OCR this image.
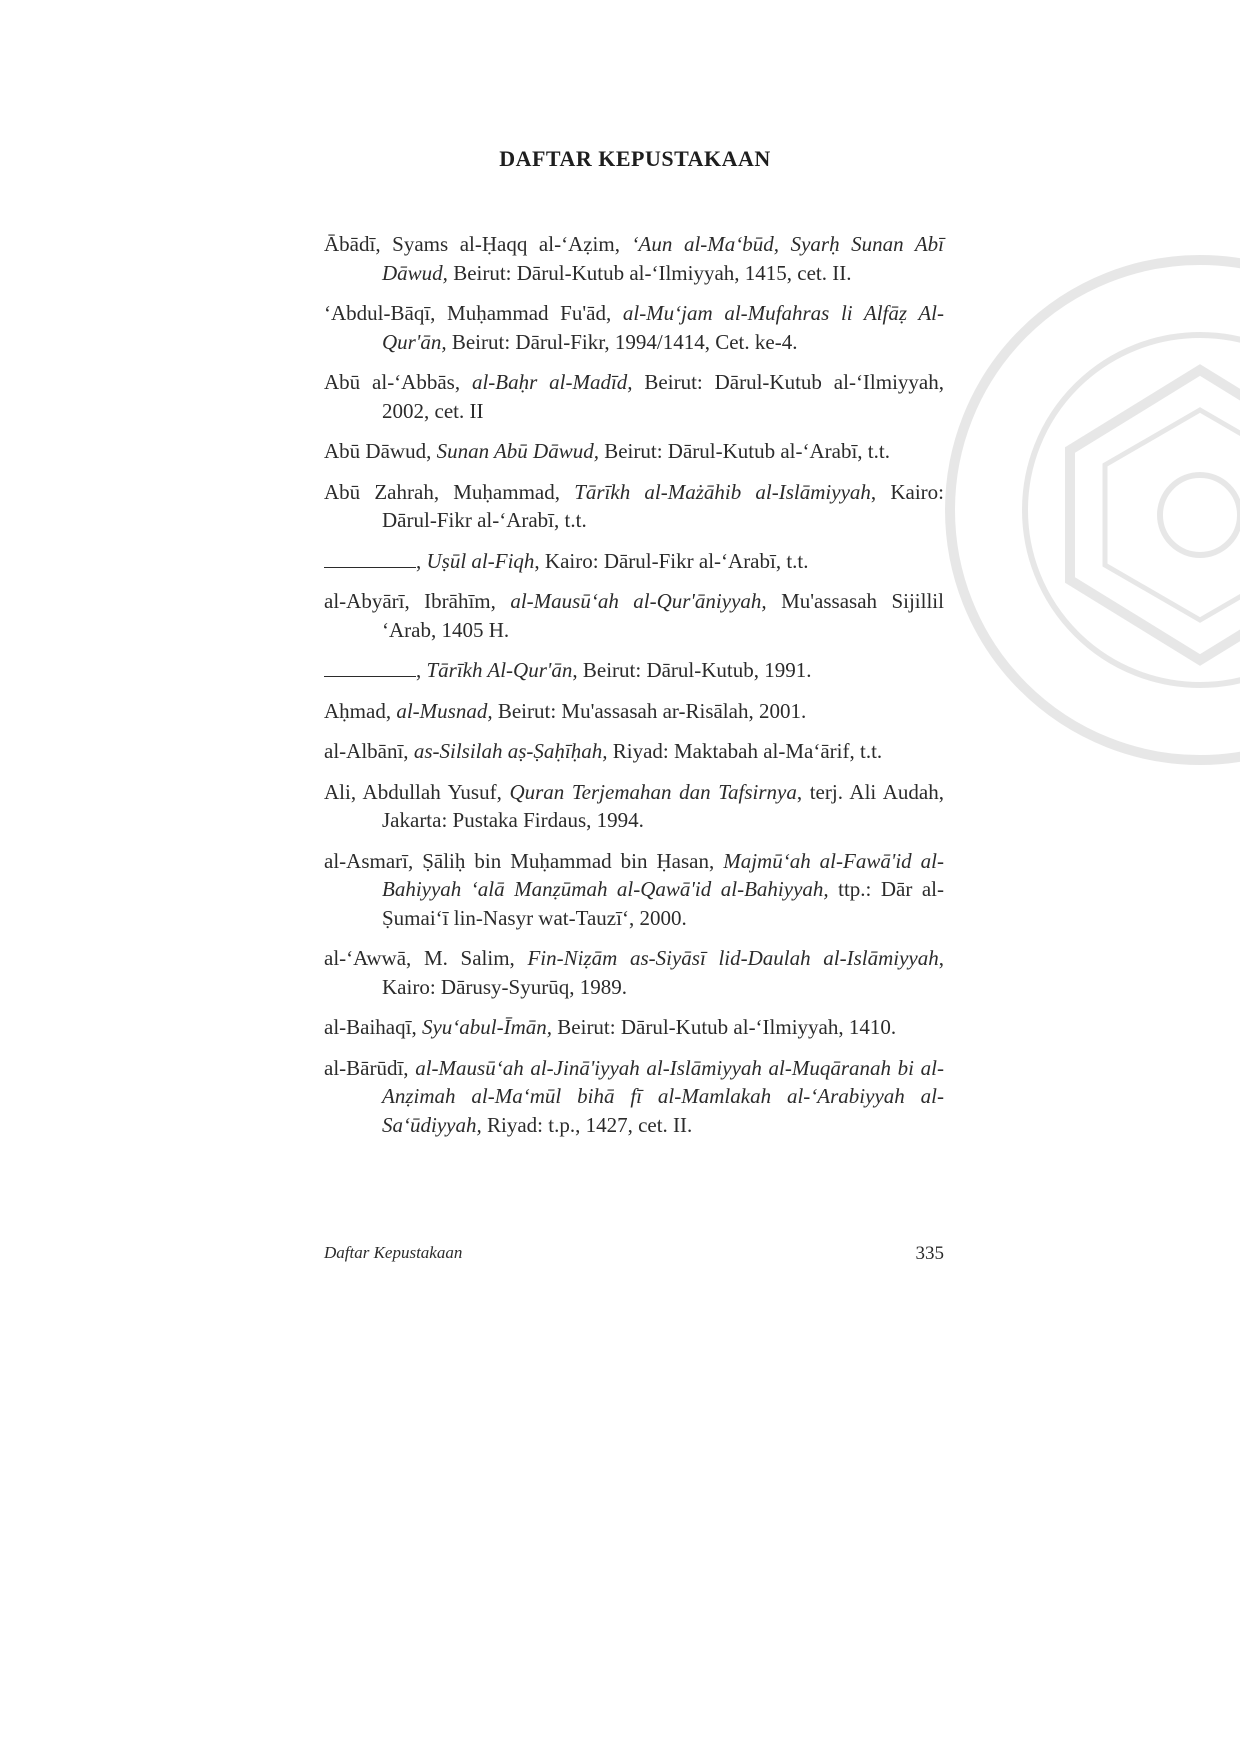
DAFTAR KEPUSTAKAAN
Ābādī, Syams al-Ḥaqq al-‘Aẓim, ‘Aun al-Ma‘būd, Syarḥ Sunan Abī Dāwud, Beirut: Dārul-Kutub al-‘Ilmiyyah, 1415, cet. II.
‘Abdul-Bāqī, Muḥammad Fu'ād, al-Mu‘jam al-Mufahras li Alfāẓ Al-Qur'ān, Beirut: Dārul-Fikr, 1994/1414, Cet. ke-4.
Abū al-‘Abbās, al-Baḥr al-Madīd, Beirut: Dārul-Kutub al-‘Ilmiyyah, 2002, cet. II
Abū Dāwud, Sunan Abū Dāwud, Beirut: Dārul-Kutub al-‘Arabī, t.t.
Abū Zahrah, Muḥammad, Tārīkh al-Mażāhib al-Islāmiyyah, Kairo: Dārul-Fikr al-‘Arabī, t.t.
, Uṣūl al-Fiqh, Kairo: Dārul-Fikr al-‘Arabī, t.t.
al-Abyārī, Ibrāhīm, al-Mausū‘ah al-Qur'āniyyah, Mu'assasah Sijillil ‘Arab, 1405 H.
, Tārīkh Al-Qur'ān, Beirut: Dārul-Kutub, 1991.
Aḥmad, al-Musnad, Beirut: Mu'assasah ar-Risālah, 2001.
al-Albānī, as-Silsilah aṣ-Ṣaḥīḥah, Riyad: Maktabah al-Ma‘ārif, t.t.
Ali, Abdullah Yusuf, Quran Terjemahan dan Tafsirnya, terj. Ali Audah, Jakarta: Pustaka Firdaus, 1994.
al-Asmarī, Ṣāliḥ bin Muḥammad bin Ḥasan, Majmū‘ah al-Fawā'id al-Bahiyyah ‘alā Manẓūmah al-Qawā'id al-Bahiyyah, ttp.: Dār al-Ṣumai‘ī lin-Nasyr wat-Tauzī‘, 2000.
al-‘Awwā, M. Salim, Fin-Niẓām as-Siyāsī lid-Daulah al-Islāmiyyah, Kairo: Dārusy-Syurūq, 1989.
al-Baihaqī, Syu‘abul-Īmān, Beirut: Dārul-Kutub al-‘Ilmiyyah, 1410.
al-Bārūdī, al-Mausū‘ah al-Jinā'iyyah al-Islāmiyyah al-Muqāranah bi al-Anẓimah al-Ma‘mūl bihā fī al-Mamlakah al-‘Arabiyyah al-Sa‘ūdiyyah, Riyad: t.p., 1427, cet. II.
Daftar Kepustakaan	335
